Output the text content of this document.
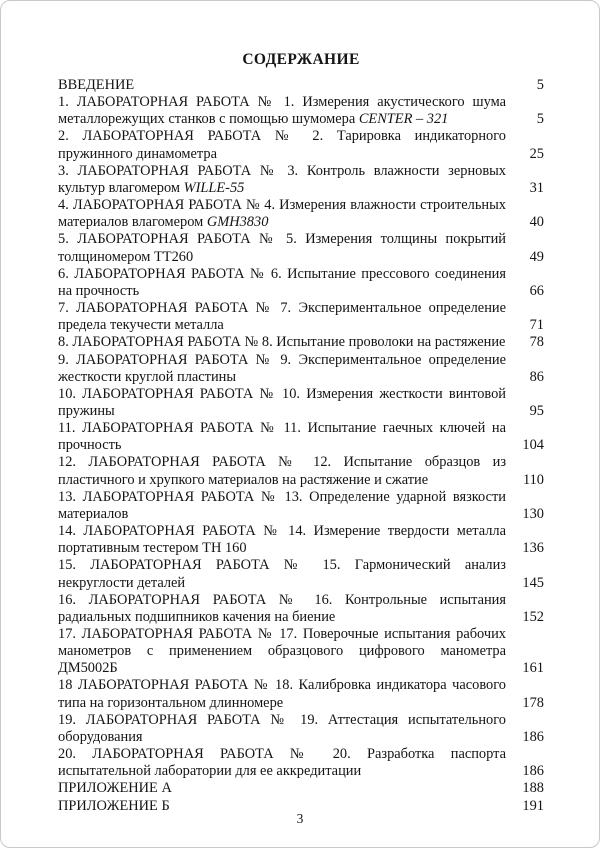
СОДЕРЖАНИЕ
ВВЕДЕНИЕ	5
1. ЛАБОРАТОРНАЯ РАБОТА № 1. Измерения акустического шума металлорежущих станков с помощью шумомера CENTER – 321	5
2. ЛАБОРАТОРНАЯ РАБОТА № 2. Тарировка индикаторного пружинного динамометра	25
3. ЛАБОРАТОРНАЯ РАБОТА № 3. Контроль влажности зерновых культур влагомером WILLE-55	31
4. ЛАБОРАТОРНАЯ РАБОТА № 4. Измерения влажности строительных материалов влагомером GMH3830	40
5. ЛАБОРАТОРНАЯ РАБОТА № 5. Измерения толщины покрытий толщиномером ТТ260	49
6. ЛАБОРАТОРНАЯ РАБОТА № 6. Испытание прессового соединения на прочность	66
7. ЛАБОРАТОРНАЯ РАБОТА № 7. Экспериментальное определение предела текучести металла	71
8. ЛАБОРАТОРНАЯ РАБОТА № 8. Испытание проволоки на растяжение	78
9. ЛАБОРАТОРНАЯ РАБОТА № 9. Экспериментальное определение жесткости круглой пластины	86
10. ЛАБОРАТОРНАЯ РАБОТА № 10. Измерения жесткости винтовой пружины	95
11. ЛАБОРАТОРНАЯ РАБОТА № 11. Испытание гаечных ключей на прочность	104
12. ЛАБОРАТОРНАЯ РАБОТА № 12. Испытание образцов из пластичного и хрупкого материалов на растяжение и сжатие	110
13. ЛАБОРАТОРНАЯ РАБОТА № 13. Определение ударной вязкости материалов	130
14. ЛАБОРАТОРНАЯ РАБОТА № 14. Измерение твердости металла портативным тестером ТН 160	136
15. ЛАБОРАТОРНАЯ РАБОТА № 15. Гармонический анализ некруглости деталей	145
16. ЛАБОРАТОРНАЯ РАБОТА № 16. Контрольные испытания радиальных подшипников качения на биение	152
17. ЛАБОРАТОРНАЯ РАБОТА № 17. Поверочные испытания рабочих манометров с применением образцового цифрового манометра ДМ5002Б	161
18 ЛАБОРАТОРНАЯ РАБОТА № 18. Калибровка индикатора часового типа на горизонтальном длинномере	178
19. ЛАБОРАТОРНАЯ РАБОТА № 19. Аттестация испытательного оборудования	186
20. ЛАБОРАТОРНАЯ РАБОТА № 20. Разработка паспорта испытательной лаборатории для ее аккредитации	186
ПРИЛОЖЕНИЕ А	188
ПРИЛОЖЕНИЕ Б	191
3
